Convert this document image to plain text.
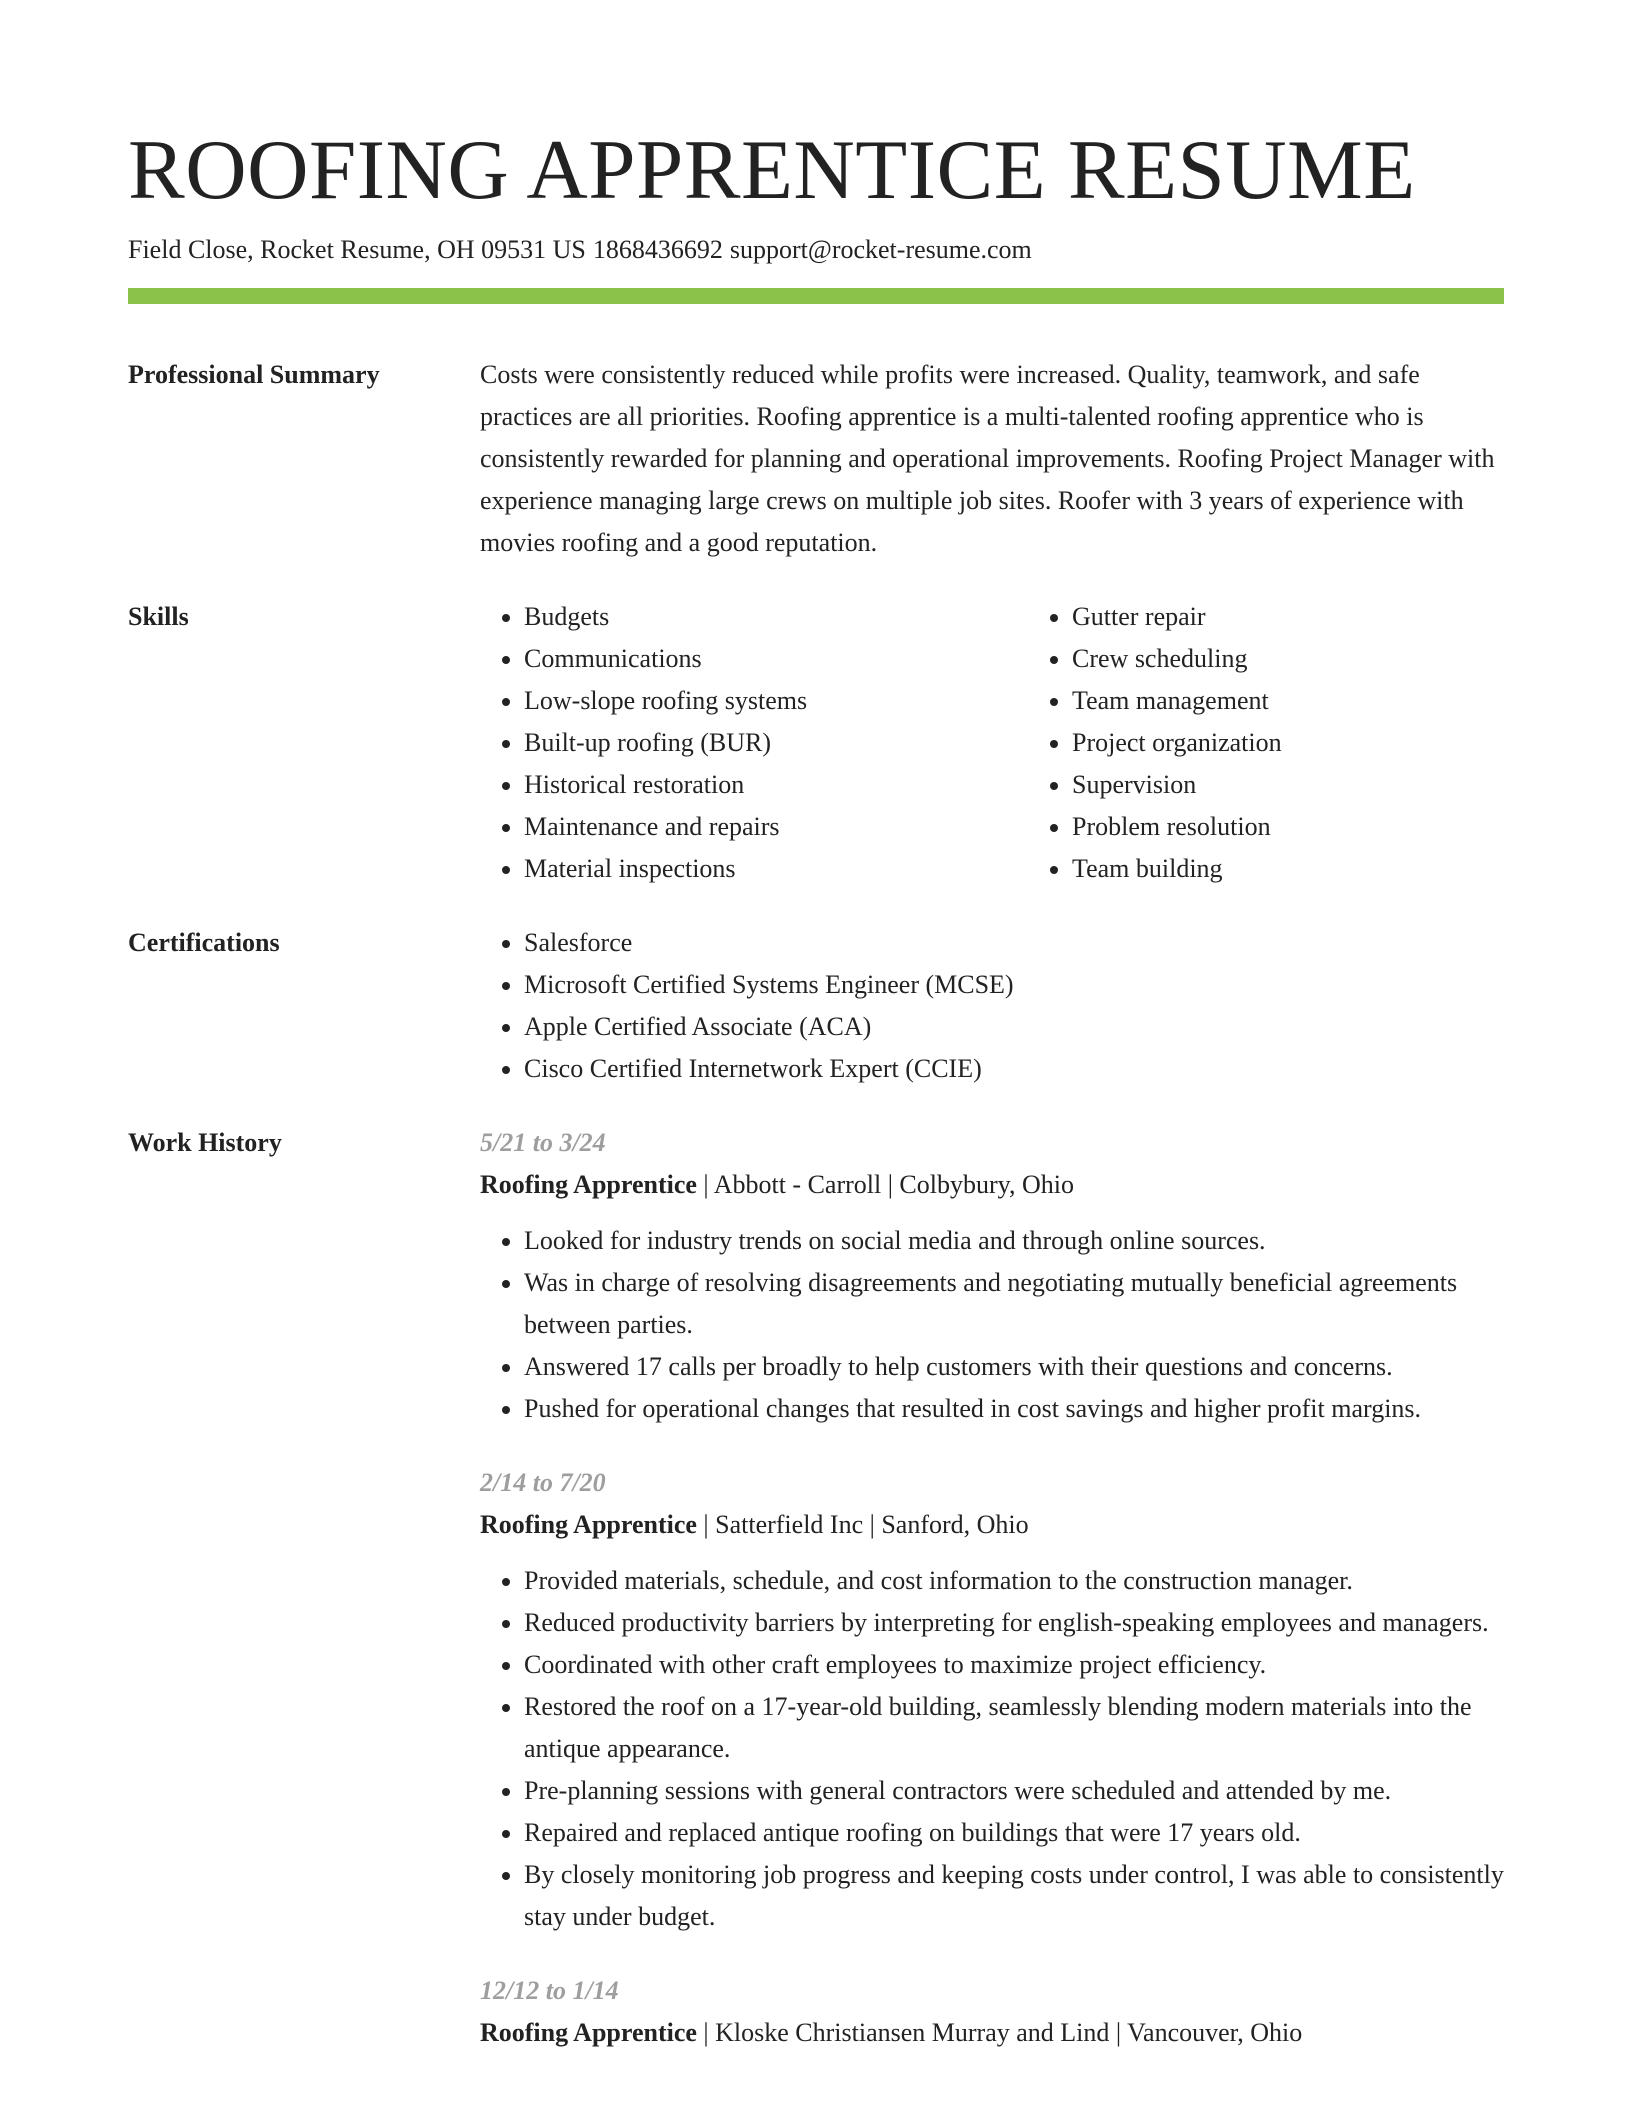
ROOFING APPRENTICE RESUME
Field Close, Rocket Resume, OH 09531 US 1868436692 support@rocket-resume.com
Professional Summary	Costs were consistently reduced while profits were increased. Quality, teamwork, and safe practices are all priorities. Roofing apprentice is a multi-talented roofing apprentice who is consistently rewarded for planning and operational improvements. Roofing Project Manager with experience managing large crews on multiple job sites. Roofer with 3 years of experience with movies roofing and a good reputation.

Skills	• Budgets
• Communications
• Low-slope roofing systems
• Built-up roofing (BUR)
• Historical restoration
• Maintenance and repairs
• Material inspections
• Gutter repair
• Crew scheduling
• Team management
• Project organization
• Supervision
• Problem resolution
• Team building
Certifications	• Salesforce
• Microsoft Certified Systems Engineer (MCSE)
• Apple Certified Associate (ACA)
• Cisco Certified Internetwork Expert (CCIE)
Work History	5/21 to 3/24
Roofing Apprentice | Abbott - Carroll | Colbybury, Ohio
• Looked for industry trends on social media and through online sources.
• Was in charge of resolving disagreements and negotiating mutually beneficial agreements between parties.
• Answered 17 calls per broadly to help customers with their questions and concerns.
• Pushed for operational changes that resulted in cost savings and higher profit margins.
2/14 to 7/20
Roofing Apprentice | Satterfield Inc | Sanford, Ohio
• Provided materials, schedule, and cost information to the construction manager.
• Reduced productivity barriers by interpreting for english-speaking employees and managers.
• Coordinated with other craft employees to maximize project efficiency.
• Restored the roof on a 17-year-old building, seamlessly blending modern materials into the antique appearance.
• Pre-planning sessions with general contractors were scheduled and attended by me.
• Repaired and replaced antique roofing on buildings that were 17 years old.
• By closely monitoring job progress and keeping costs under control, I was able to consistently stay under budget.
12/12 to 1/14
Roofing Apprentice | Kloske Christiansen Murray and Lind | Vancouver, Ohio
